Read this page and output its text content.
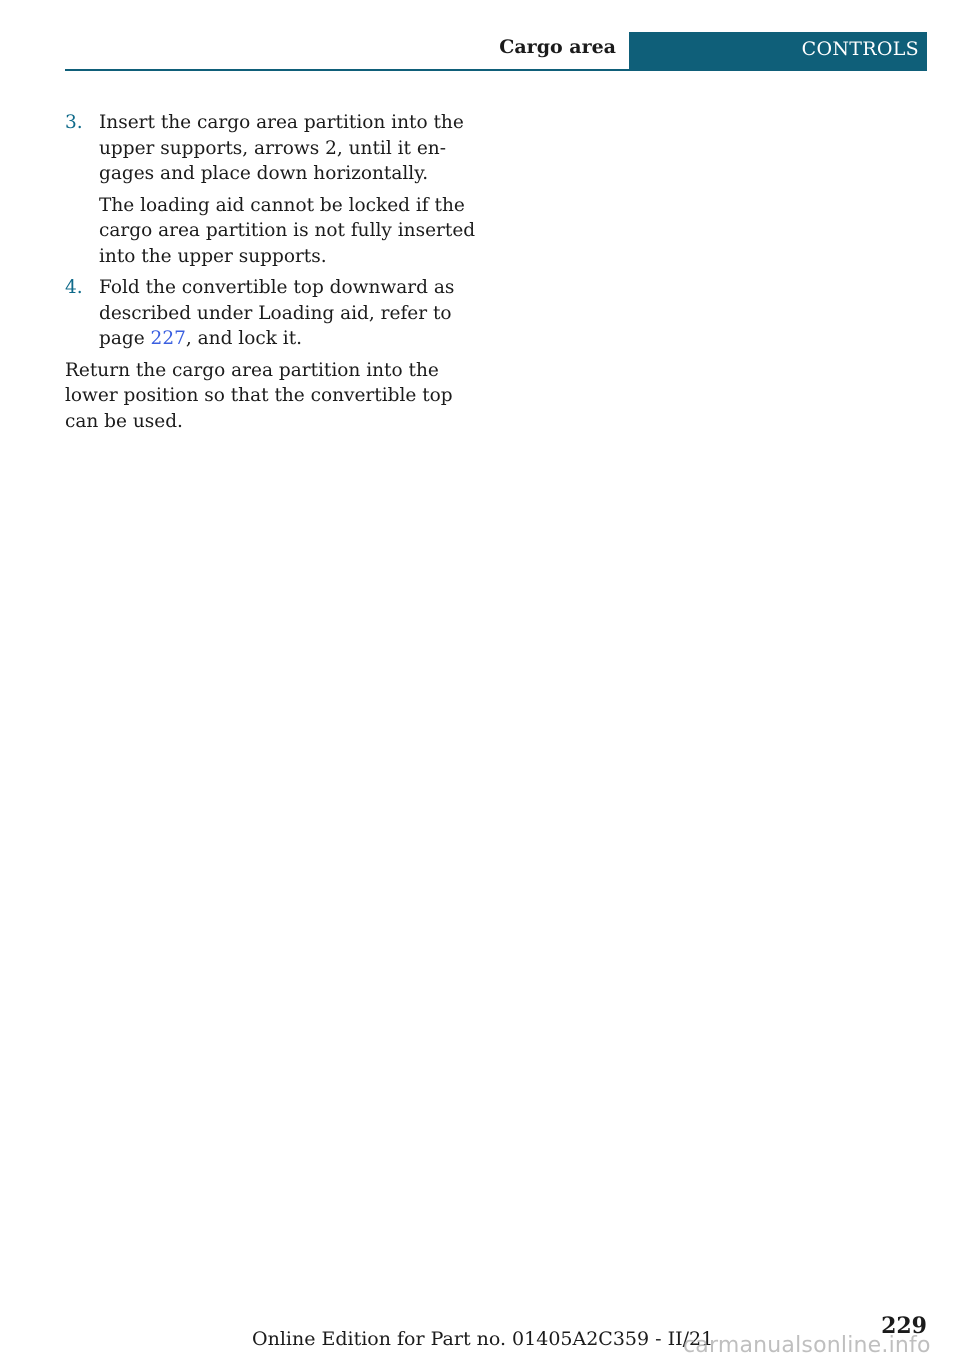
Cargo area	CONTROLS
3. Insert the cargo area partition into the upper supports, arrows 2, until it engages and place down horizontally.

The loading aid cannot be locked if the cargo area partition is not fully inserted into the upper supports.

4. Fold the convertible top downward as described under Loading aid, refer to page 227, and lock it.

Return the cargo area partition into the lower position so that the convertible top can be used.

Online Edition for Part no. 01405A2C359 - II/21	229
carmanualsonline.info
